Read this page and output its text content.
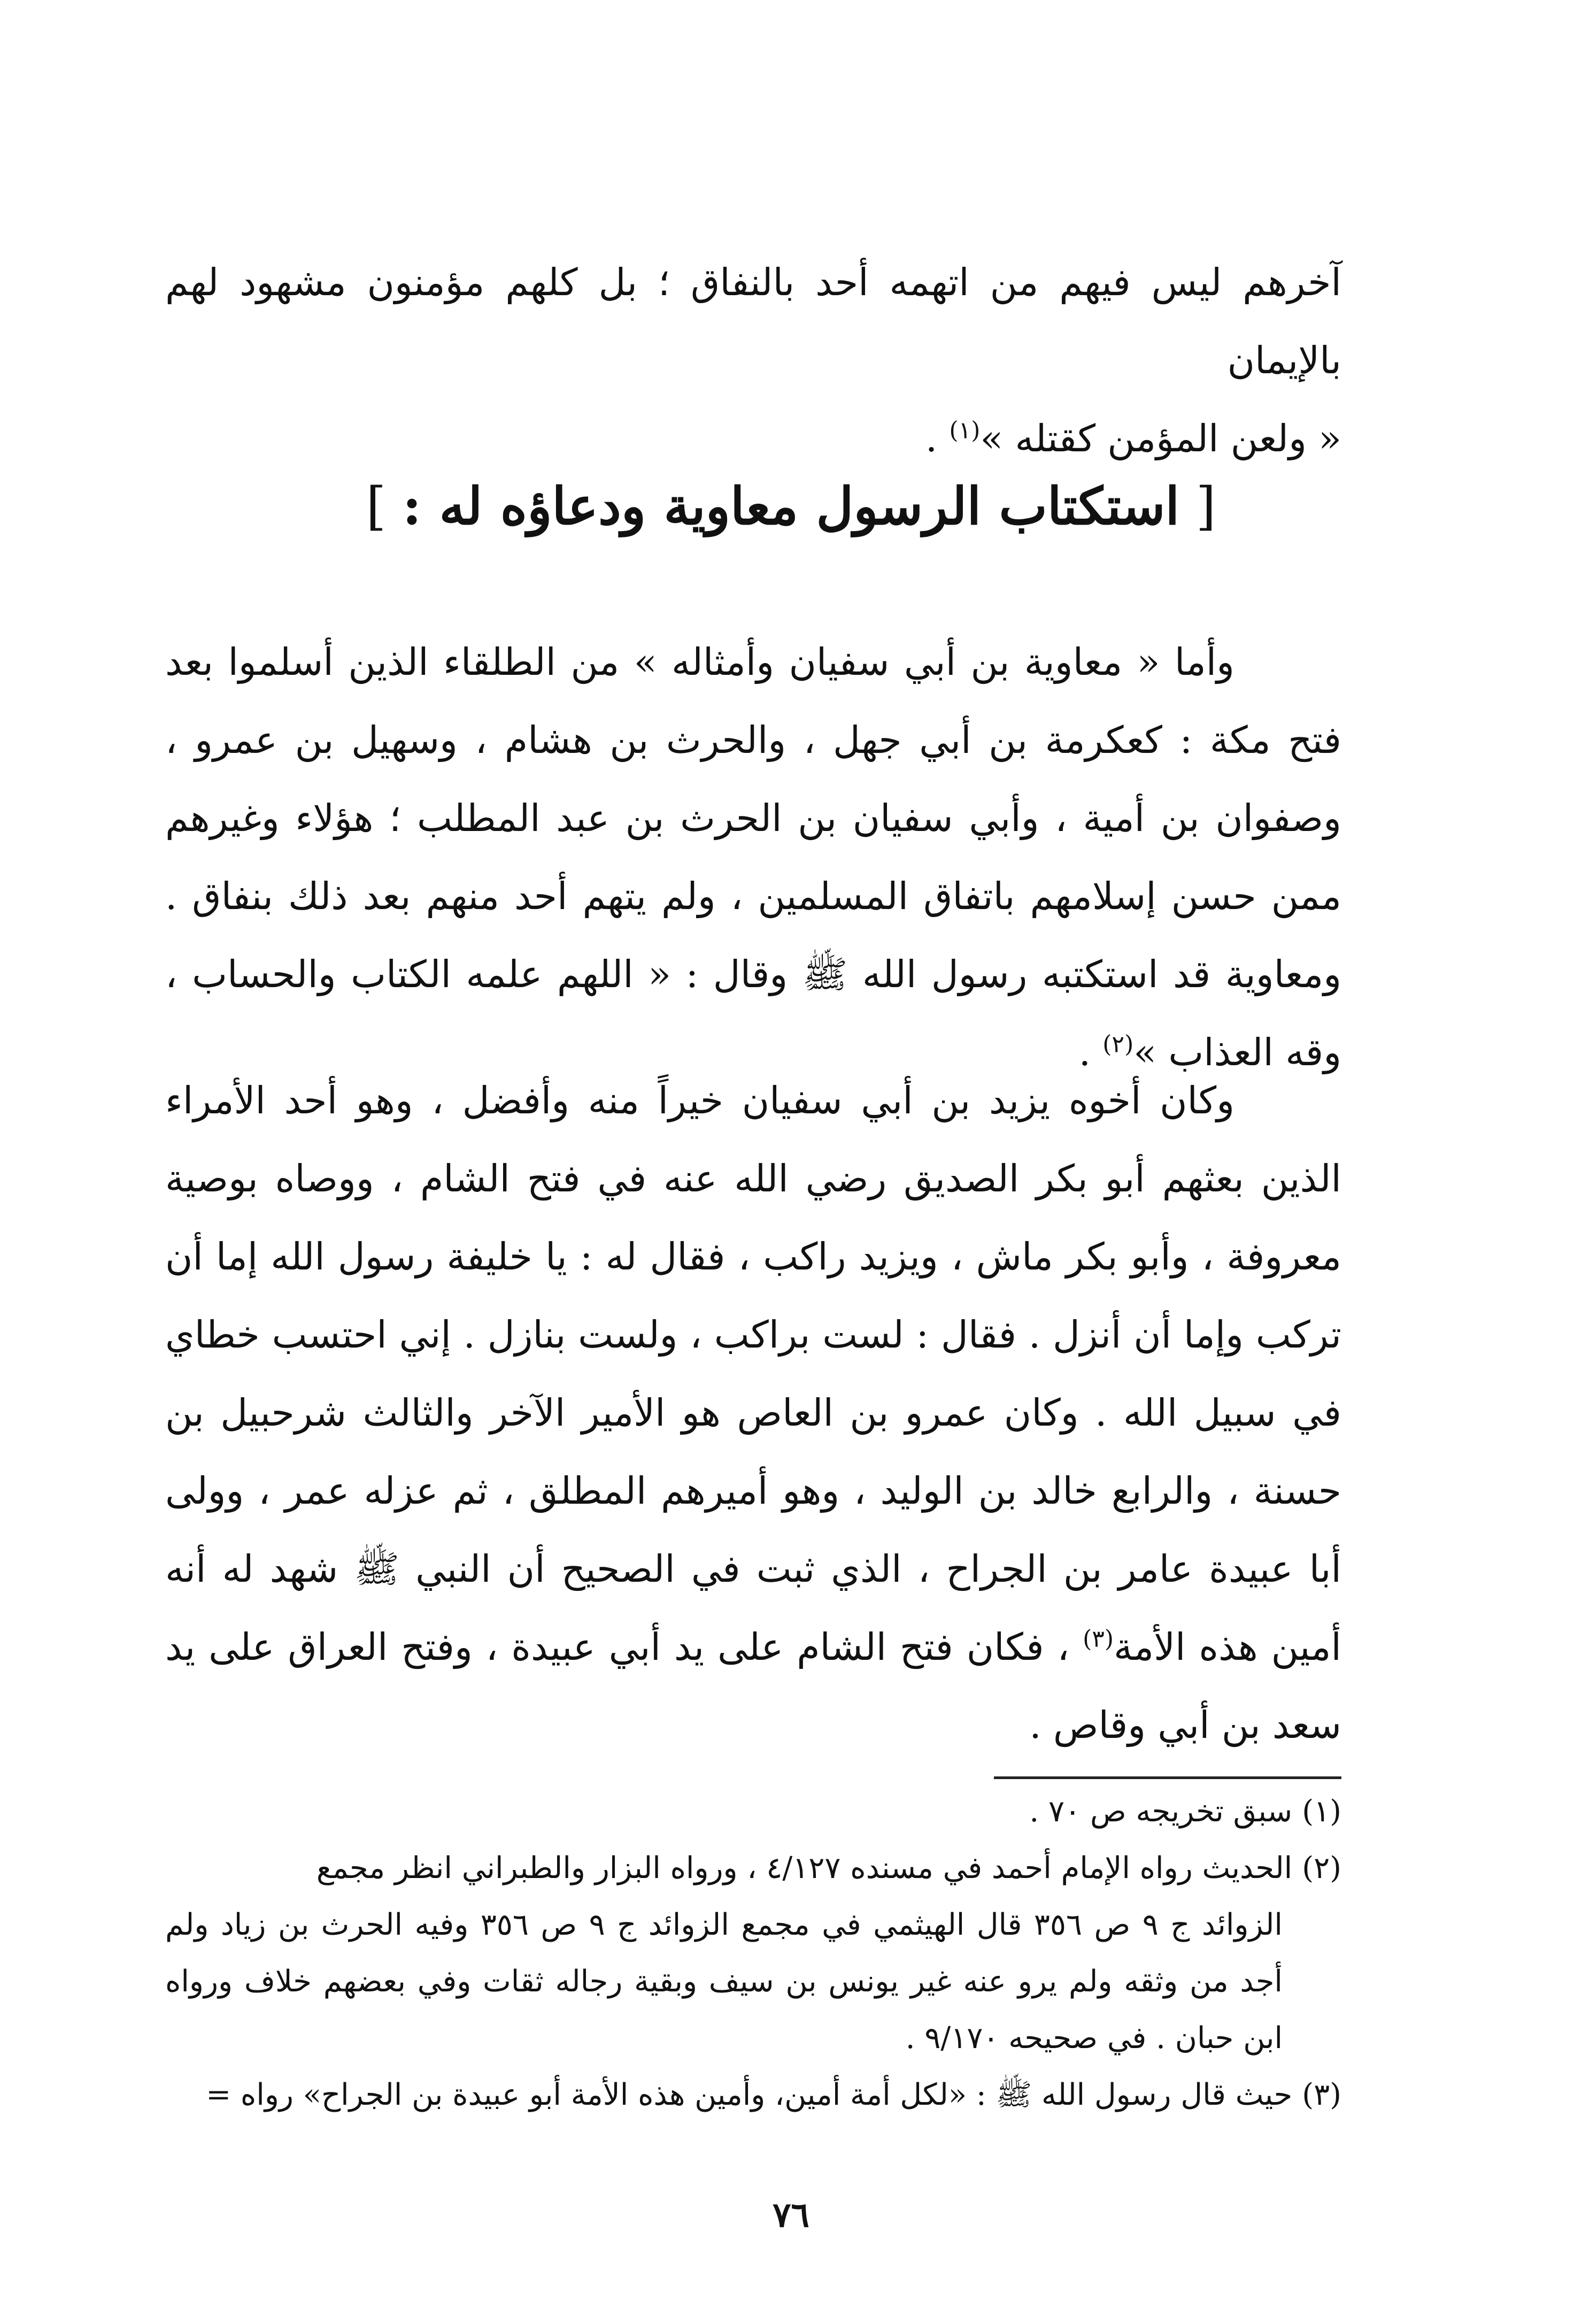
آخرهم ليس فيهم من اتهمه أحد بالنفاق ؛ بل كلهم مؤمنون مشهود لهم بالإيمان

« ولعن المؤمن كقتله »$^{(١)}$ .

[ استكتاب الرسول معاوية ودعاؤه له : ]

وأما « معاوية بن أبي سفيان وأمثاله » من الطلقاء الذين أسلموا بعد فتح مكة : كعكرمة بن أبي جهل ، والحرث بن هشام ، وسهيل بن عمرو ، وصفوان بن أمية ، وأبي سفيان بن الحرث بن عبد المطلب ؛ هؤلاء وغيرهم ممن حسن إسلامهم باتفاق المسلمين ، ولم يتهم أحد منهم بعد ذلك بنفاق . ومعاوية قد استكتبه رسول الله ﷺ وقال : « اللهم علمه الكتاب والحساب ، وقه العذاب »$^{(٢)}$ .

وكان أخوه يزيد بن أبي سفيان خيراً منه وأفضل ، وهو أحد الأمراء الذين بعثهم أبو بكر الصديق رضي الله عنه في فتح الشام ، ووصاه بوصية معروفة ، وأبو بكر ماش ، ويزيد راكب ، فقال له : يا خليفة رسول الله إما أن تركب وإما أن أنزل . فقال : لست براكب ، ولست بنازل . إني احتسب خطاي في سبيل الله . وكان عمرو بن العاص هو الأمير الآخر والثالث شرحبيل بن حسنة ، والرابع خالد بن الوليد ، وهو أميرهم المطلق ، ثم عزله عمر ، وولى أبا عبيدة عامر بن الجراح ، الذي ثبت في الصحيح أن النبي ﷺ شهد له أنه أمين هذه الأمة$^{(٣)}$ ، فكان فتح الشام على يد أبي عبيدة ، وفتح العراق على يد سعد بن أبي وقاص .

(١)سبق تخريجه ص ٧٠ .

(٢)الحديث رواه الإمام أحمد في مسنده ٤/١٢٧ ، ورواه البزار والطبراني انظر مجمع
الزوائد ج ٩ ص ٣٥٦ قال الهيثمي في مجمع الزوائد ج ٩ ص ٣٥٦ وفيه الحرث بن زياد ولم أجد من وثقه ولم يرو عنه غير يونس بن سيف وبقية رجاله ثقات وفي بعضهم خلاف ورواه ابن حبان . في صحيحه ٩/١٧٠ .

(٣)حيث قال رسول الله ﷺ : «لكل أمة أمين، وأمين هذه الأمة أبو عبيدة بن الجراح» رواه =

٧٦
